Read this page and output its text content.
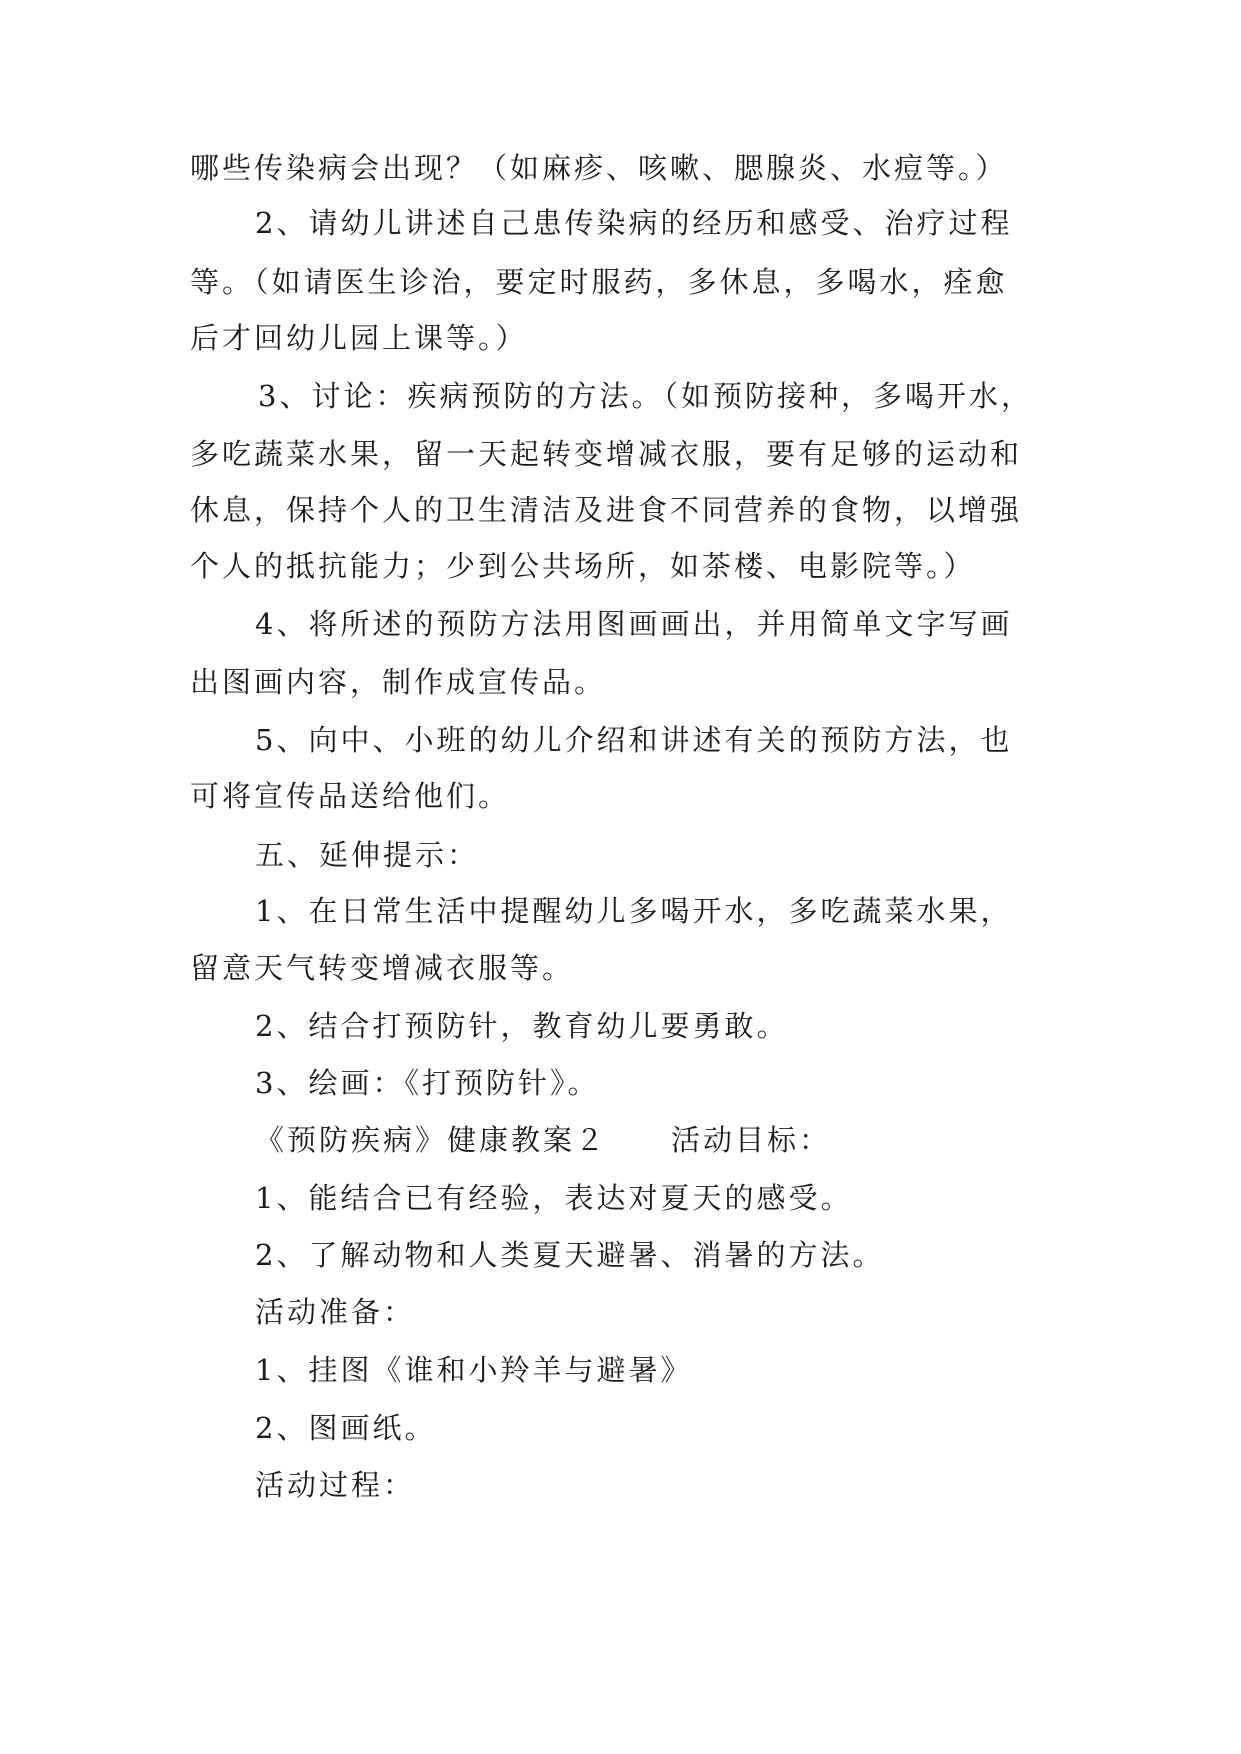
哪些传染病会出现？（如麻疹、咳嗽、腮腺炎、水痘等。）
2、请幼儿讲述自己患传染病的经历和感受、治疗过程
等。（如请医生诊治，要定时服药，多休息，多喝水，痊愈
后才回幼儿园上课等。）
3、讨论：疾病预防的方法。（如预防接种，多喝开水，
多吃蔬菜水果，留一天起转变增减衣服，要有足够的运动和
休息，保持个人的卫生清洁及进食不同营养的食物，以增强
个人的抵抗能力；少到公共场所，如茶楼、电影院等。）
4、将所述的预防方法用图画画出，并用简单文字写画
出图画内容，制作成宣传品。
5、向中、小班的幼儿介绍和讲述有关的预防方法，也
可将宣传品送给他们。
五、延伸提示：
1、在日常生活中提醒幼儿多喝开水，多吃蔬菜水果，
留意天气转变增减衣服等。
2、结合打预防针，教育幼儿要勇敢。
3、绘画：《打预防针》。
《预防疾病》健康教案２　　活动目标：
1、能结合已有经验，表达对夏天的感受。
2、了解动物和人类夏天避暑、消暑的方法。
活动准备：
1、挂图《谁和小羚羊与避暑》
2、图画纸。
活动过程：
